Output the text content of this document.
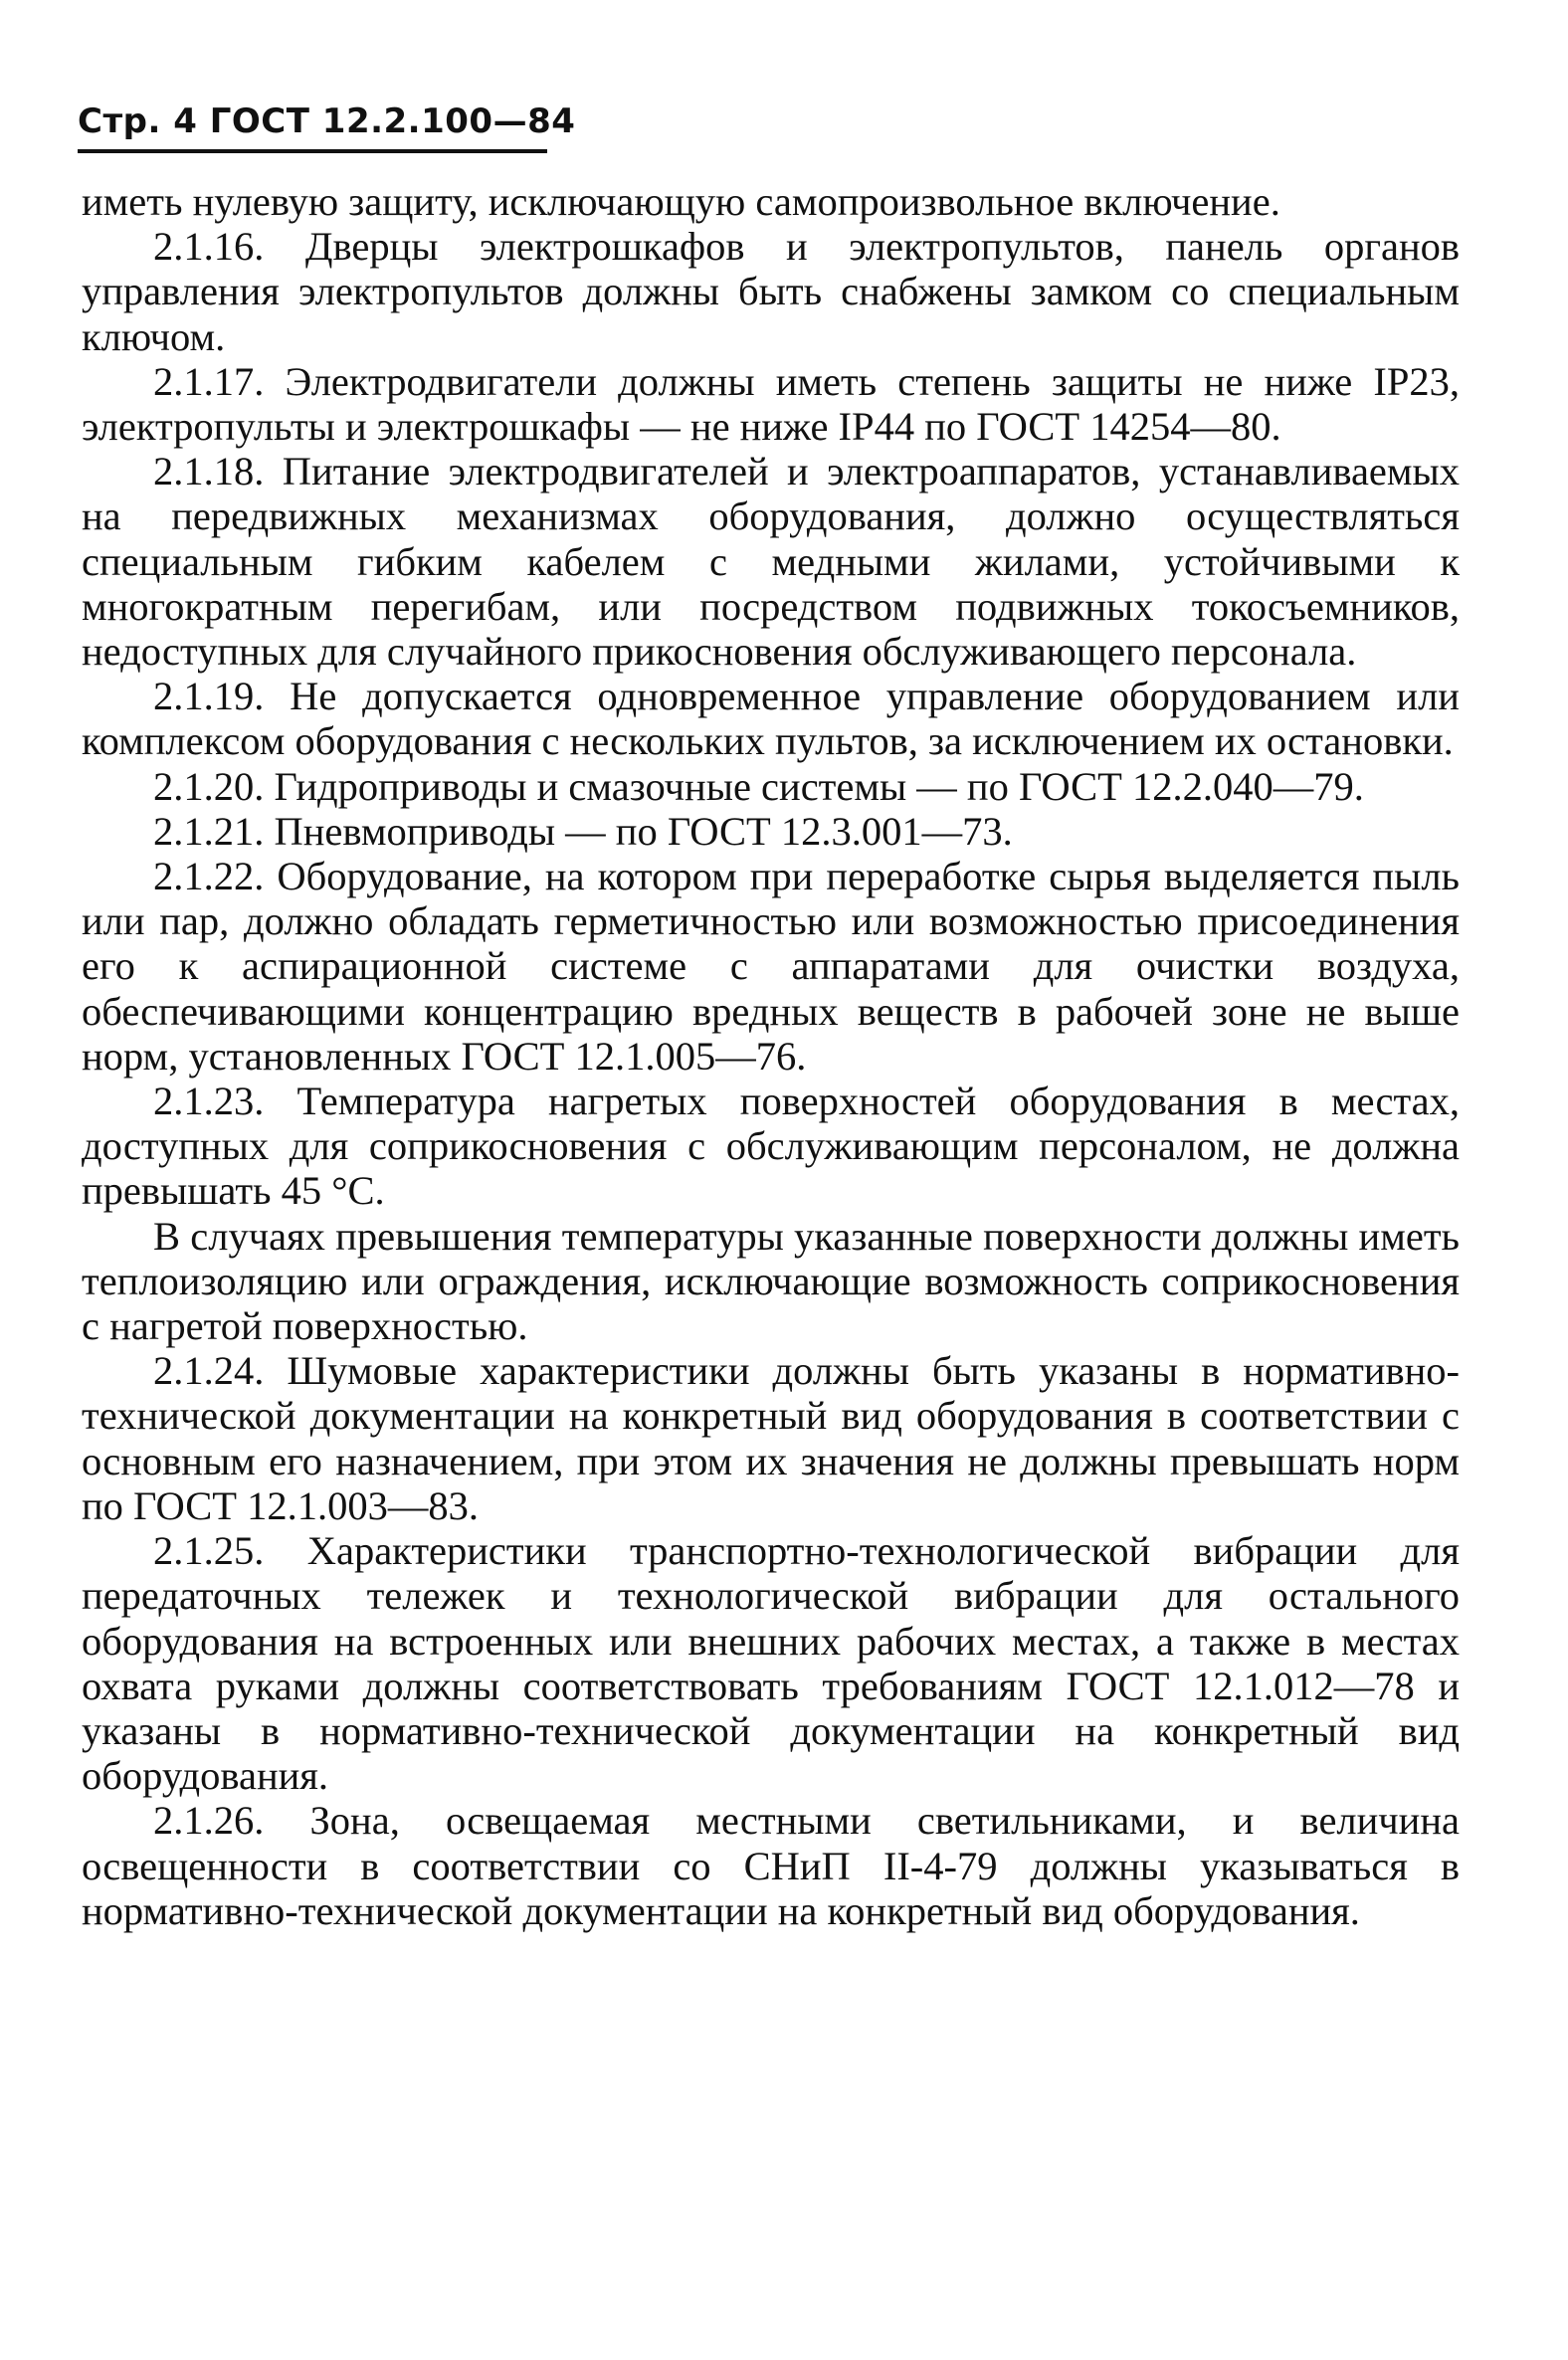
Стр. 4 ГОСТ 12.2.100—84

иметь нулевую защиту, исключающую самопроизвольное включение.

2.1.16. Дверцы электрошкафов и электропультов, панель органов управления электропультов должны быть снабжены замком со специальным ключом.

2.1.17. Электродвигатели должны иметь степень защиты не ниже IP23, электропульты и электрошкафы — не ниже IP44 по ГОСТ 14254—80.

2.1.18. Питание электродвигателей и электроаппаратов, устанавливаемых на передвижных механизмах оборудования, должно осуществляться специальным гибким кабелем с медными жилами, устойчивыми к многократным перегибам, или посредством подвижных токосъемников, недоступных для случайного прикосновения обслуживающего персонала.

2.1.19. Не допускается одновременное управление оборудованием или комплексом оборудования с нескольких пультов, за исключением их остановки.

2.1.20. Гидроприводы и смазочные системы — по ГОСТ 12.2.040—79.

2.1.21. Пневмоприводы — по ГОСТ 12.3.001—73.

2.1.22. Оборудование, на котором при переработке сырья выделяется пыль или пар, должно обладать герметичностью или возможностью присоединения его к аспирационной системе с аппаратами для очистки воздуха, обеспечивающими концентрацию вредных веществ в рабочей зоне не выше норм, установленных ГОСТ 12.1.005—76.

2.1.23. Температура нагретых поверхностей оборудования в местах, доступных для соприкосновения с обслуживающим персоналом, не должна превышать 45 °С.

В случаях превышения температуры указанные поверхности должны иметь теплоизоляцию или ограждения, исключающие возможность соприкосновения с нагретой поверхностью.

2.1.24. Шумовые характеристики должны быть указаны в нормативно-технической документации на конкретный вид оборудования в соответствии с основным его назначением, при этом их значения не должны превышать норм по ГОСТ 12.1.003—83.

2.1.25. Характеристики транспортно-технологической вибрации для передаточных тележек и технологической вибрации для остального оборудования на встроенных или внешних рабочих местах, а также в местах охвата руками должны соответствовать требованиям ГОСТ 12.1.012—78 и указаны в нормативно-технической документации на конкретный вид оборудования.

2.1.26. Зона, освещаемая местными светильниками, и величина освещенности в соответствии со СНиП II-4-79 должны указываться в нормативно-технической документации на конкретный вид оборудования.
